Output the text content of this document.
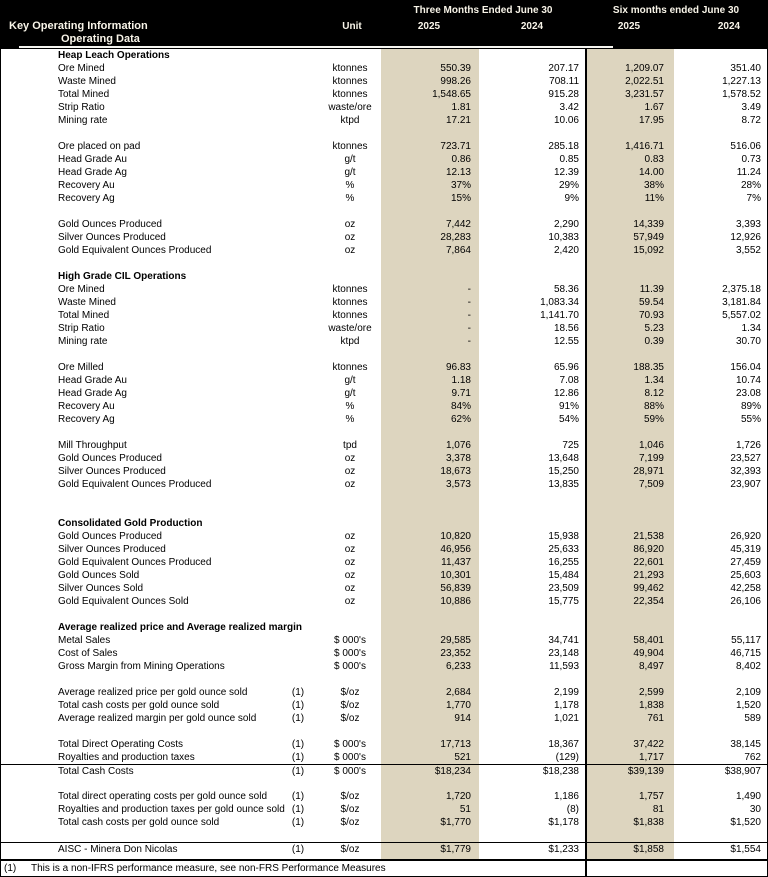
Key Operating Information
Operating Data
Unit
Three Months Ended June 30	Six months ended June 30
2025	2024	2025	2024
Heap Leach Operations
Ore Mined	ktonnes	550.39	207.17	1,209.07	351.40
Waste Mined	ktonnes	998.26	708.11	2,022.51	1,227.13
Total Mined	ktonnes	1,548.65	915.28	3,231.57	1,578.52
Strip Ratio	waste/ore	1.81	3.42	1.67	3.49
Mining rate	ktpd	17.21	10.06	17.95	8.72
Ore placed on pad	ktonnes	723.71	285.18	1,416.71	516.06
Head Grade Au	g/t	0.86	0.85	0.83	0.73
Head Grade Ag	g/t	12.13	12.39	14.00	11.24
Recovery Au	%	37%	29%	38%	28%
Recovery Ag	%	15%	9%	11%	7%
Gold Ounces Produced	oz	7,442	2,290	14,339	3,393
Silver Ounces Produced	oz	28,283	10,383	57,949	12,926
Gold Equivalent Ounces Produced	oz	7,864	2,420	15,092	3,552
High Grade CIL Operations
Ore Mined	ktonnes	-	58.36	11.39	2,375.18
Waste Mined	ktonnes	-	1,083.34	59.54	3,181.84
Total Mined	ktonnes	-	1,141.70	70.93	5,557.02
Strip Ratio	waste/ore	-	18.56	5.23	1.34
Mining rate	ktpd	-	12.55	0.39	30.70
Ore Milled	ktonnes	96.83	65.96	188.35	156.04
Head Grade Au	g/t	1.18	7.08	1.34	10.74
Head Grade Ag	g/t	9.71	12.86	8.12	23.08
Recovery Au	%	84%	91%	88%	89%
Recovery Ag	%	62%	54%	59%	55%
Mill Throughput	tpd	1,076	725	1,046	1,726
Gold Ounces Produced	oz	3,378	13,648	7,199	23,527
Silver Ounces Produced	oz	18,673	15,250	28,971	32,393
Gold Equivalent Ounces Produced	oz	3,573	13,835	7,509	23,907
Consolidated Gold Production
Gold Ounces Produced	oz	10,820	15,938	21,538	26,920
Silver Ounces Produced	oz	46,956	25,633	86,920	45,319
Gold Equivalent Ounces Produced	oz	11,437	16,255	22,601	27,459
Gold Ounces Sold	oz	10,301	15,484	21,293	25,603
Silver Ounces Sold	oz	56,839	23,509	99,462	42,258
Gold Equivalent Ounces Sold	oz	10,886	15,775	22,354	26,106
Average realized price and Average realized margin
Metal Sales	$ 000's	29,585	34,741	58,401	55,117
Cost of Sales	$ 000's	23,352	23,148	49,904	46,715
Gross Margin from Mining Operations	$ 000's	6,233	11,593	8,497	8,402
Average realized price per gold ounce sold	(1)	$/oz	2,684	2,199	2,599	2,109
Total cash costs per gold ounce sold	(1)	$/oz	1,770	1,178	1,838	1,520
Average realized margin per gold ounce sold	(1)	$/oz	914	1,021	761	589
Total Direct Operating Costs	(1)	$ 000's	17,713	18,367	37,422	38,145
Royalties and production taxes	(1)	$ 000's	521	(129)	1,717	762
Total Cash Costs	(1)	$ 000's	$18,234	$18,238	$39,139	$38,907
Total direct operating costs per gold ounce sold	(1)	$/oz	1,720	1,186	1,757	1,490
Royalties and production taxes per gold ounce sold (1)	$/oz	51	(8)	81	30
Total cash costs per gold ounce sold	(1)	$/oz	$1,770	$1,178	$1,838	$1,520
AISC - Minera Don Nicolas	(1)	$/oz	$1,779	$1,233	$1,858	$1,554
(1) This is a non-IFRS performance measure, see non-FRS Performance Measures
